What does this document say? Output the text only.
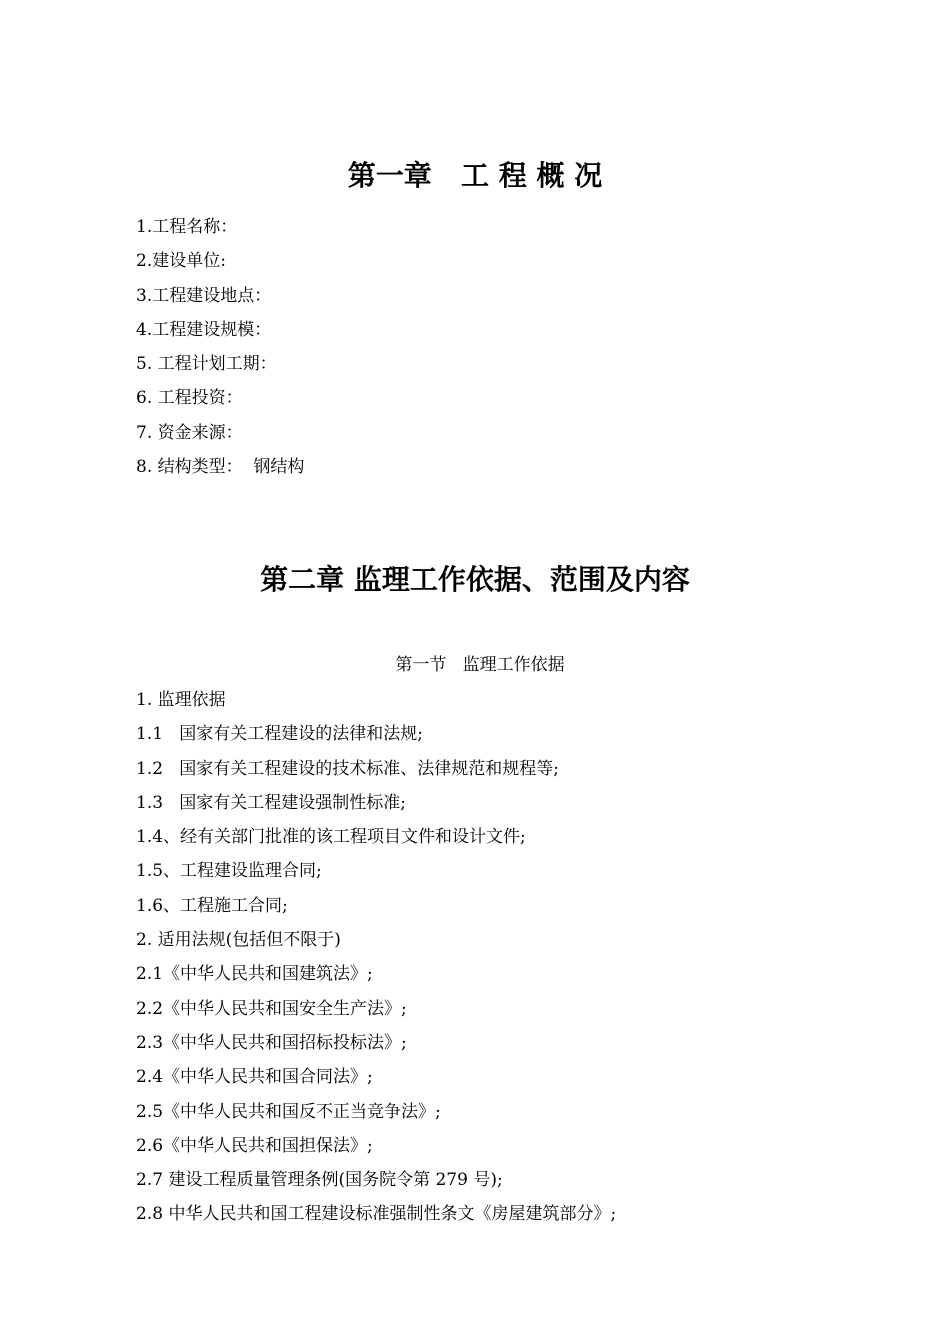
第一章   工 程 概 况
1.工程名称：
2.建设单位:
3.工程建设地点：
4.工程建设规模：
5. 工程计划工期：
6. 工程投资：
7. 资金来源：
8. 结构类型：  钢结构
第二章 监理工作依据、范围及内容
第一节   监理工作依据
1. 监理依据
1.1   国家有关工程建设的法律和法规;
1.2   国家有关工程建设的技术标准、法律规范和规程等;
1.3   国家有关工程建设强制性标准;
1.4、经有关部门批准的该工程项目文件和设计文件;
1.5、工程建设监理合同;
1.6、工程施工合同;
2. 适用法规(包括但不限于)
2.1《中华人民共和国建筑法》;
2.2《中华人民共和国安全生产法》;
2.3《中华人民共和国招标投标法》;
2.4《中华人民共和国合同法》;
2.5《中华人民共和国反不正当竞争法》;
2.6《中华人民共和国担保法》;
2.7 建设工程质量管理条例(国务院令第 279 号);
2.8 中华人民共和国工程建设标准强制性条文《房屋建筑部分》;
